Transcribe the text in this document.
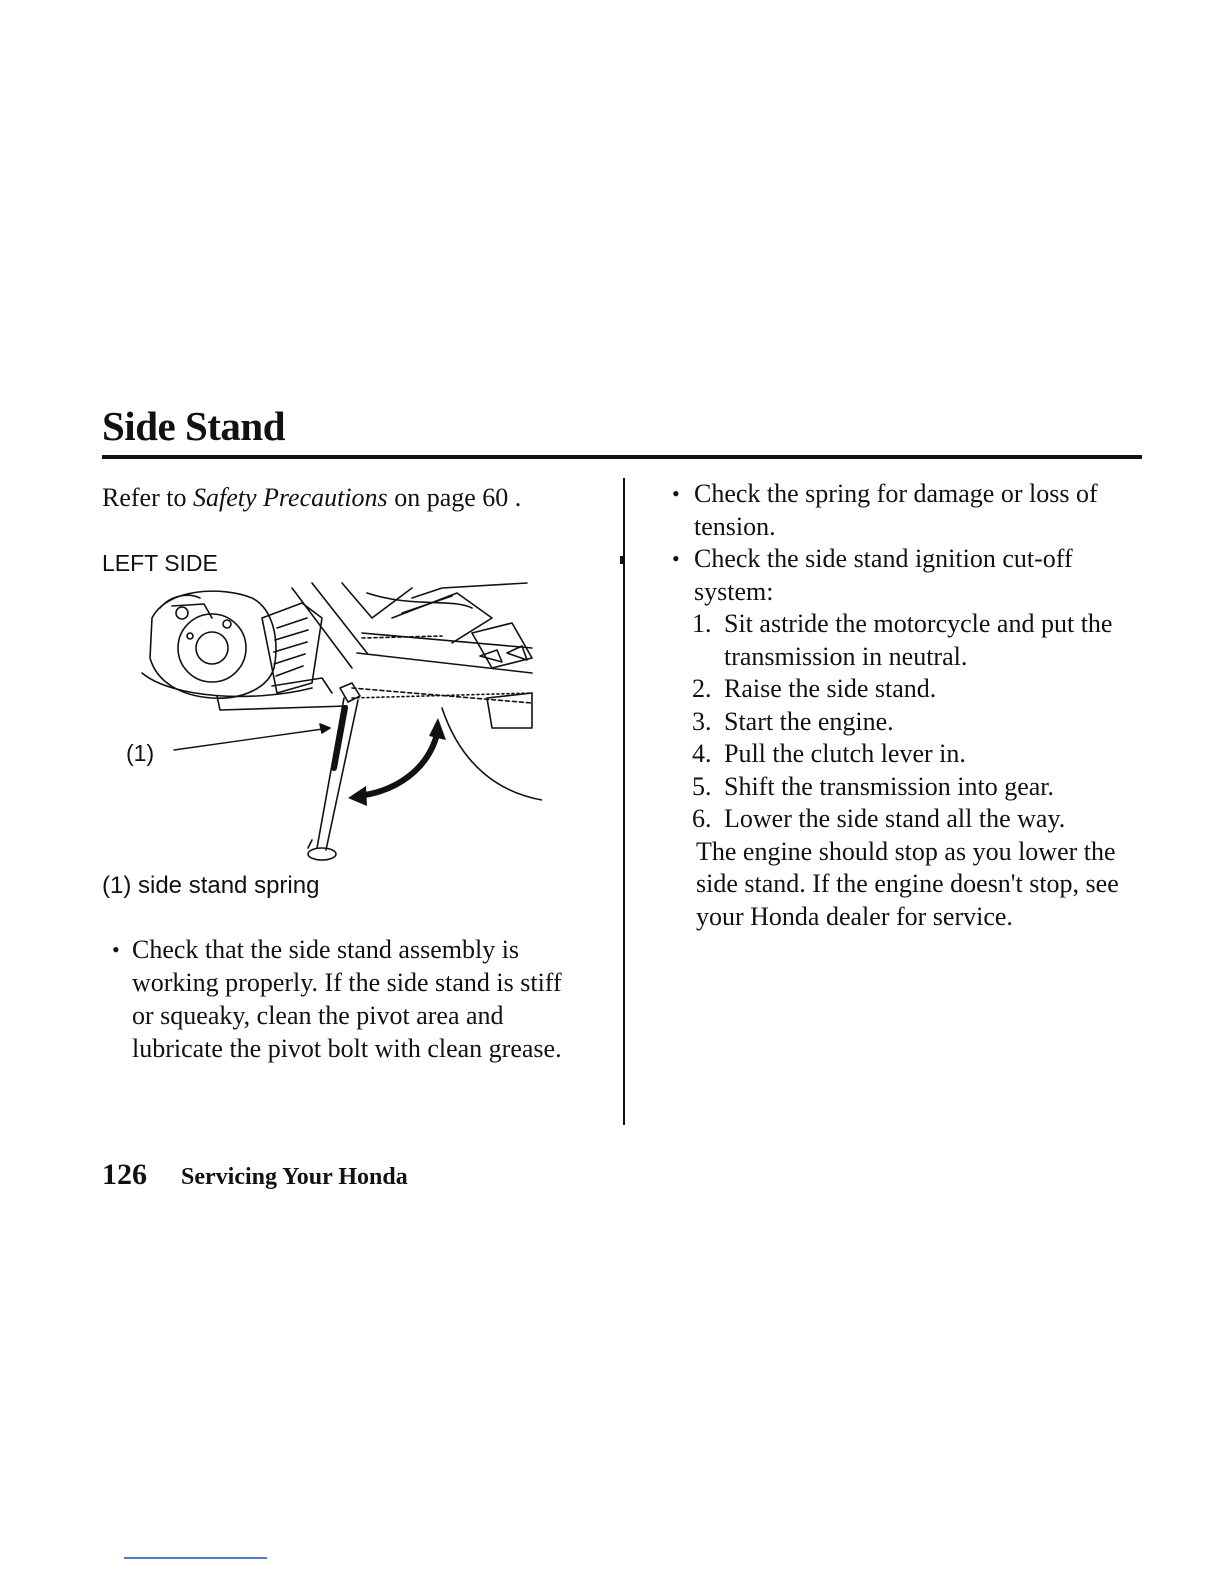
Side Stand
Refer to Safety Precautions on page 60 .
LEFT SIDE
(1)
(1) side stand spring
• Check that the side stand assembly is working properly. If the side stand is stiff or squeaky, clean the pivot area and lubricate the pivot bolt with clean grease.
• Check the spring for damage or loss of tension.
• Check the side stand ignition cut-off system:
1. Sit astride the motorcycle and put the transmission in neutral.
2. Raise the side stand.
3. Start the engine.
4. Pull the clutch lever in.
5. Shift the transmission into gear.
6. Lower the side stand all the way.
The engine should stop as you lower the side stand. If the engine doesn't stop, see your Honda dealer for service.
126 Servicing Your Honda
